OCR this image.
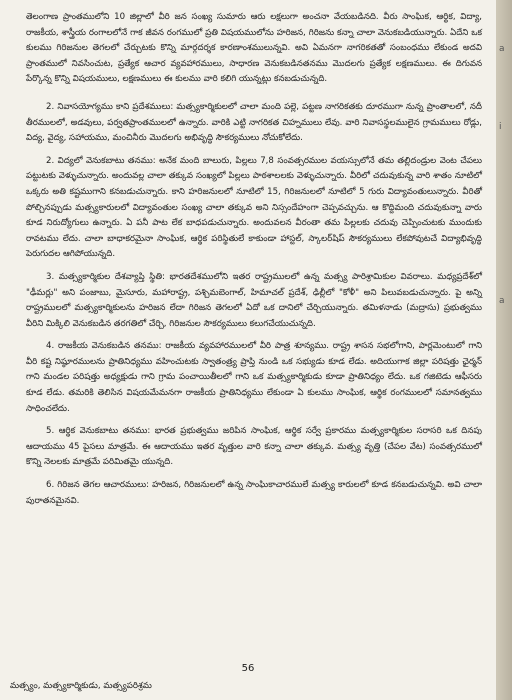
తెలంగాణ ప్రాంతములోని 10 జిల్లాలో వీరి జన సంఖ్య సుమారు ఆరు లక్షలుగా అంచనా వేయబడినది. వీరు సాంఘిక, ఆర్థిక, విద్యా, రాజకీయ, శాస్త్రీయ రంగాలలోనే గాక జీవన రంగములో ప్రతి విషయములోను హరిజన, గిరిజను కన్నా చాలా వెనుకబడియున్నారు. ఏదేని ఒక కులము గిరిజనుల తెగలలో చేర్చుటకు కొన్ని మార్గదర్శక కారణాంశములున్నవి. అవి ఏమనగా నాగరికతతో సంబంధము లేకుండ అదవి ప్రాంతములో నివసించుట, ప్రత్యేక ఆచార వ్యవహారములు, సాధారణ వెనుకబడినతనము మొదలగు ప్రత్యేక లక్షణములు. ఈ దిగువన పేర్కొన్న కొన్ని విషయములు, లక్షణములు ఈ కులము వారి కలిగి యున్నట్లు కనబడుచున్నది.

2. నివాసయోగ్యము కాని ప్రదేశములు: మత్స్యకార్మికులలో చాలా మంది పల్లె, పట్టణ నాగరికతకు దూరముగా నున్న ప్రాంతాలలో, నదీ తీరములలో, అడవులు, పర్వతప్రాంతములలో ఉన్నారు. వారికి ఎట్టి నాగరికత చిహ్నములు లేవు. వారి నివాసస్థలములైన గ్రామములు రోడ్లు, విద్య, వైద్య, సహాయము, మంచినీరు మొదలగు అభివృద్ధి సౌకర్యములు నోచుకోలేదు.

2. విద్యలో వెనుకబాటు తనము: అనేక మంది బాలురు, పిల్లలు 7,8 సంవత్సరముల వయస్సులోనే తమ తల్లిదండ్రుల వెంట చేపలు పట్టుటకు వెళ్ళుచున్నారు. అందువల్ల చాలా తక్కువ సంఖ్యలో పిల్లలు పాఠశాలలకు వెళ్ళుచున్నారు. వీరిలో చదువుకున్న వారి శాతం నూటిలో ఒక్కరు అతి కష్టముగాని కనబడుచున్నారు. కాని హరిజనులలో నూటిలో 15, గిరిజనులలో నూటిలో 5 గురు విద్యావంతులున్నారు. వీరితో పోల్చినప్పుడు మత్స్యకారులలో విద్యావంతుల సంఖ్య చాలా తక్కువ అని నిస్సందేహంగా చెప్పవచ్చును. ఆ కొద్దిమంది చదువుకున్నా వారు కూడ నిరుద్యోగులు ఉన్నారు. ఏ పనీ పాట లేక బాధపడుచున్నారు. అందువలన వీరంతా తమ పిల్లలకు చదువు చెప్పించుటకు ముందుకు రావటము లేదు. చాలా బాధాకరమైనా సాంఘిక, ఆర్థిక పరిస్థితులే కాకుండా హాస్టల్, స్కాలర్‌షిప్ సౌకర్యములు లేకపోవుటచే విద్యాభివృద్ధి పెరుగుదల ఆగిపోయున్నది.

3. మత్స్యకార్మికుల దేశవ్యాప్తి స్థితి: భారతదేశములోని ఇతర రాష్ట్రములలో ఉన్న మత్స్య పారిశ్రామికుల వివరాలు. మధ్యప్రదేశ్‌లో "ఢీమర్లు" అని పంజాబు, మైసూరు, మహారాష్ట్ర, పశ్చిమబెంగాల్, హిమాచల్ ప్రదేశ్, ఢిల్లీలో "కోళీ" అని పిలువబడుచున్నారు. పై అన్ని రాష్ట్రములలో మత్స్యకార్మికులను హరిజన లేదా గిరిజన తెగలలో ఏదో ఒక దానిలో చేర్చియున్నారు. తమిళనాడు (మద్రాసు) ప్రభుత్వము వీరిని మిక్కిలి వెనుకబడిన తరగతిలో చేర్చి, గిరిజనుల సౌకర్యములు కలుగచేయుచున్నది.

4. రాజకీయ వెనుకబడిన తనము: రాజకీయ వ్యవహారములలో వీరి పాత్ర శూన్యము. రాష్ట్ర శాసన సభలోగాని, పార్లమెంటులో గాని వీరి కష్ట నిష్ఠూరములను ప్రాతినిధ్యము వహించుటకు స్వాతంత్ర్య ప్రాప్తి నుండి ఒక సభ్యుడు కూడ లేడు. అదియుగాక జిల్లా పరిషత్తు ఛైర్మన్ గాని మండల పరిషత్తు అధ్యక్షుడు గాని గ్రామ పంచాయితీలలో గాని ఒక మత్స్యకార్మికుడు కూడా ప్రాతినిధ్యం లేదు. ఒక గజిటెడు ఆఫీసరు కూడ లేడు. తమరికి తెలిసిన విషయమేమనగా రాజకీయ ప్రాతినిధ్యము లేకుండా ఏ కులము సాంఘిక, ఆర్థిక రంగములలో సమానత్వము సాధించలేదు.

5. ఆర్థిక వెనుకబాటు తనము: భారత ప్రభుత్వము జరిపిన సాంఘిక, ఆర్థిక సర్వే ప్రకారము మత్స్యకార్మికుల సరాసరి ఒక దినపు ఆదాయము 45 పైసలు మాత్రమే. ఈ ఆదాయము ఇతర వృత్తుల వారి కన్నా చాలా తక్కువ. మత్స్య వృత్తి (చేపల వేట) సంవత్సరములో కొన్ని నెలలకు మాత్రమే పరిమితమై యున్నది.

6. గిరిజన తెగల ఆచారములు: హరిజన, గిరిజనులలో ఉన్న సాంఘికాచారములే మత్స్య కారులలో కూడ కనబడుచున్నవి. అవి చాలా పురాతనమైనవి.

56
మత్స్యం, మత్స్యకార్మికుడు, మత్స్యపరిశ్రమ
a
i
a
